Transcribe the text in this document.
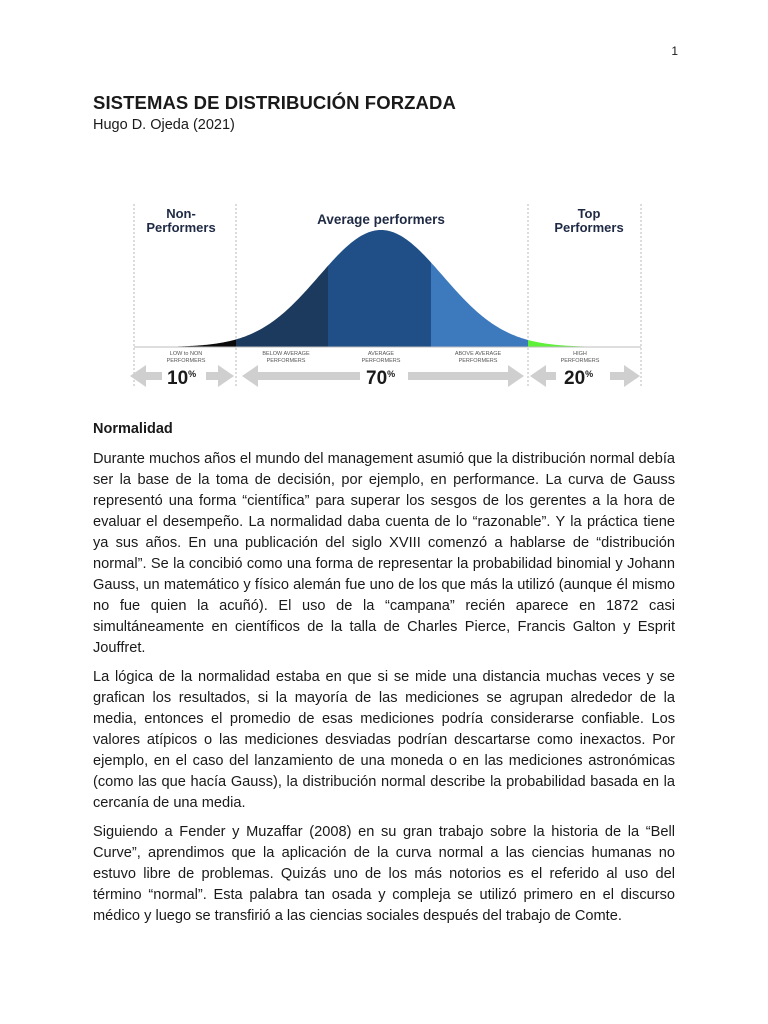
1
SISTEMAS DE DISTRIBUCIÓN FORZADA
Hugo D. Ojeda (2021)
Non-
Performers
Average performers	Top
Performers
LOW to NON
PERFORMERS
BELOW AVERAGE
PERFORMERS
AVERAGE
PERFORMERS
ABOVE AVERAGE
PERFORMERS
HIGH
PERFORMERS
10%	70%	20%
Normalidad

Durante muchos años el mundo del management asumió que la distribución normal debía ser la base de la toma de decisión, por ejemplo, en performance. La curva de Gauss representó una forma “científica” para superar los sesgos de los gerentes a la hora de evaluar el desempeño. La normalidad daba cuenta de lo “razonable”. Y la práctica tiene ya sus años. En una publicación del siglo XVIII comenzó a hablarse de “distribución normal”. Se la concibió como una forma de representar la probabilidad binomial y Johann Gauss, un matemático y físico alemán fue uno de los que más la utilizó (aunque él mismo no fue quien la acuñó). El uso de la “campana” recién aparece en 1872 casi simultáneamente en científicos de la talla de Charles Pierce, Francis Galton y Esprit Jouffret.

La lógica de la normalidad estaba en que si se mide una distancia muchas veces y se grafican los resultados, si la mayoría de las mediciones se agrupan alrededor de la media, entonces el promedio de esas mediciones podría considerarse confiable. Los valores atípicos o las mediciones desviadas podrían descartarse como inexactos. Por ejemplo, en el caso del lanzamiento de una moneda o en las mediciones astronómicas (como las que hacía Gauss), la distribución normal describe la probabilidad basada en la cercanía de una media.

Siguiendo a Fender y Muzaffar (2008) en su gran trabajo sobre la historia de la “Bell Curve”, aprendimos que la aplicación de la curva normal a las ciencias humanas no estuvo libre de problemas. Quizás uno de los más notorios es el referido al uso del término “normal”. Esta palabra tan osada y compleja se utilizó primero en el discurso médico y luego se transfirió a las ciencias sociales después del trabajo de Comte.
